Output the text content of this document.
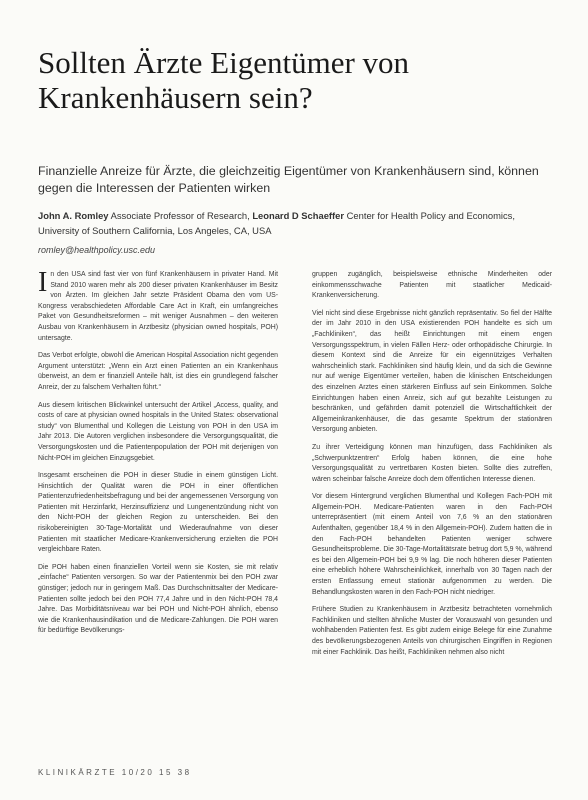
Sollten Ärzte Eigentümer von
Krankenhäusern sein?
Finanzielle Anreize für Ärzte, die gleichzeitig Eigentümer von Krankenhäusern sind, können gegen die Interessen der Patienten wirken
John A. Romley Associate Professor of Research, Leonard D Schaeffer Center for Health Policy and Economics, University of Southern California, Los Angeles, CA, USA
romley@healthpolicy.usc.edu

In den USA sind fast vier von fünf Krankenhäusern in privater Hand. Mit Stand 2010 waren mehr als 200 dieser privaten Krankenhäuser im Besitz von Ärzten. Im gleichen Jahr setzte Präsident Obama den vom US-Kongress verabschiedeten Affordable Care Act in Kraft, ein umfangreiches Paket von Gesundheitsreformen – mit weniger Ausnahmen – den weiteren Ausbau von Krankenhäusern in Arztbesitz (physician owned hospitals, POH) untersagte.

Das Verbot erfolgte, obwohl die American Hospital Association nicht gegenden Argument unterstützt: „Wenn ein Arzt einen Patienten an ein Krankenhaus überweist, an dem er finanziell Anteile hält, ist dies ein grundlegend falscher Anreiz, der zu falschem Verhalten führt.“

Aus diesem kritischen Blickwinkel untersucht der Artikel „Access, quality, and costs of care at physician owned hospitals in the United States: observational study“ von Blumenthal und Kollegen die Leistung von POH in den USA im Jahr 2013. Die Autoren verglichen insbesondere die Versorgungsqualität, die Versorgungskosten und die Patientenpopulation der POH mit derjenigen von Nicht-POH im gleichen Einzugsgebiet.

Insgesamt erscheinen die POH in dieser Studie in einem günstigen Licht. Hinsichtlich der Qualität waren die POH in einer öffentlichen Patientenzufriedenheitsbefragung und bei der angemessenen Versorgung von Patienten mit Herzinfarkt, Herzinsuffizienz und Lungenentzündung nicht von den Nicht-POH der gleichen Region zu unterscheiden. Bei den risikobereinigten 30-Tage-Mortalität und Wiederaufnahme von dieser Patienten mit staatlicher Medicare-Krankenversicherung erzielten die POH vergleichbare Raten.

Die POH haben einen finanziellen Vorteil wenn sie Kosten, sie mit relativ „einfache“ Patienten versorgen. So war der Patientenmix bei den POH zwar günstiger; jedoch nur in geringem Maß. Das Durchschnittsalter der Medicare-Patienten sollte jedoch bei den POH 77,4 Jahre und in den Nicht-POH 78,4 Jahre. Das Morbiditätsniveau war bei POH und Nicht-POH ähnlich, ebenso wie die Krankenhausindikation und die Medicare-Zahlungen. Die POH waren für bedürftige Bevölkerungs-

gruppen zugänglich, beispielsweise ethnische Minderheiten oder einkommensschwache Patienten mit staatlicher Medicaid-Krankenversicherung.

Viel nicht sind diese Ergebnisse nicht gänzlich repräsentativ. So fiel der Hälfte der im Jahr 2010 in den USA existierenden POH handelte es sich um „Fachkliniken“, das heißt Einrichtungen mit einem engen Versorgungsspektrum, in vielen Fällen Herz- oder orthopädische Chirurgie. In diesem Kontext sind die Anreize für ein eigennütziges Verhalten wahrscheinlich stark. Fachkliniken sind häufig klein, und da sich die Gewinne nur auf wenige Eigentümer verteilen, haben die klinischen Entscheidungen des einzelnen Arztes einen stärkeren Einfluss auf sein Einkommen. Solche Einrichtungen haben einen Anreiz, sich auf gut bezahlte Leistungen zu beschränken, und gefährden damit potenziell die Wirtschaftlichkeit der Allgemeinkrankenhäuser, die das gesamte Spektrum der stationären Versorgung anbieten.

Zu ihrer Verteidigung können man hinzufügen, dass Fachkliniken als „Schwerpunktzentren“ Erfolg haben können, die eine hohe Versorgungsqualität zu vertretbaren Kosten bieten. Sollte dies zutreffen, wären scheinbar falsche Anreize doch dem öffentlichen Interesse dienen.

Vor diesem Hintergrund verglichen Blumenthal und Kollegen Fach-POH mit Allgemein-POH. Medicare-Patienten waren in den Fach-POH unterrepräsentiert (mit einem Anteil von 7,6 % an den stationären Aufenthalten, gegenüber 18,4 % in den Allgemein-POH). Zudem hatten die in den Fach-POH behandelten Patienten weniger schwere Gesundheitsprobleme. Die 30-Tage-Mortalitätsrate betrug dort 5,9 %, während es bei den Allgemein-POH bei 9,9 % lag. Die noch höheren dieser Patienten eine erheblich höhere Wahrscheinlichkeit, innerhalb von 30 Tagen nach der ersten Entlassung erneut stationär aufgenommen zu werden. Die Behandlungskosten waren in den Fach-POH nicht niedriger.

Frühere Studien zu Krankenhäusern in Arztbesitz betrachteten vornehmlich Fachkliniken und stellten ähnliche Muster der Vorauswahl von gesunden und wohlhabenden Patienten fest. Es gibt zudem einige Belege für eine Zunahme des bevölkerungsbezogenen Anteils von chirurgischen Eingriffen in Regionen mit einer Fachklinik. Das heißt, Fachkliniken nehmen also nicht

KLINIKÄRZTE 10/20 15 38
